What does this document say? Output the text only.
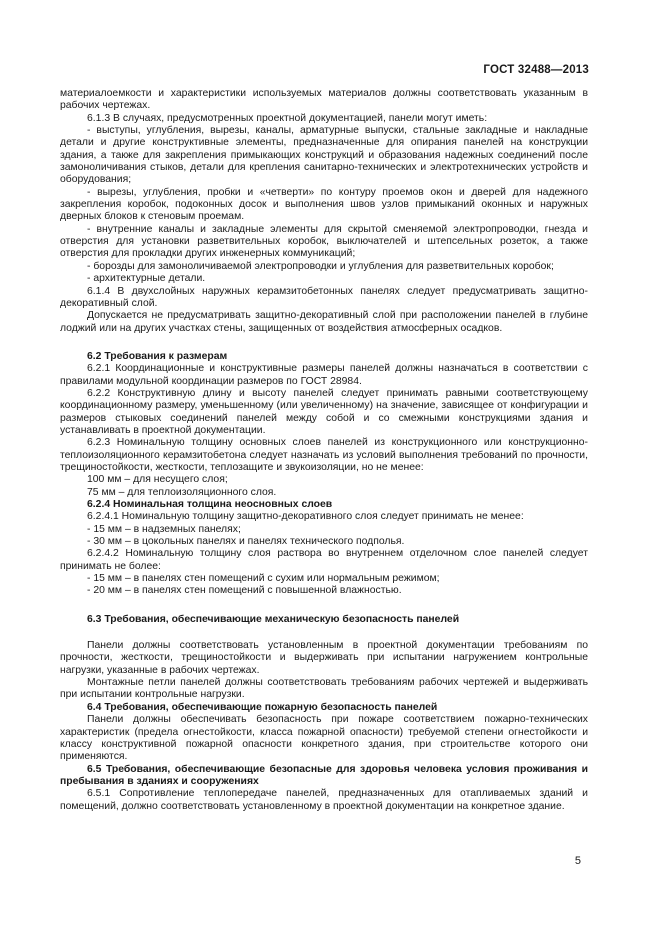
ГОСТ 32488—2013

материалоемкости и характеристики используемых материалов должны соответствовать указанным в рабочих чертежах.

6.1.3 В случаях, предусмотренных проектной документацией, панели могут иметь:

- выступы, углубления, вырезы, каналы, арматурные выпуски, стальные закладные и накладные детали и другие конструктивные элементы, предназначенные для опирания панелей на конструкции здания, а также для закрепления примыкающих конструкций и образования надежных соединений после замоноличивания стыков, детали для крепления санитарно-технических и электротехнических устройств и оборудования;

- вырезы, углубления, пробки и «четверти» по контуру проемов окон и дверей для надежного закрепления коробок, подоконных досок и выполнения швов узлов примыканий оконных и наружных дверных блоков к стеновым проемам.

- внутренние каналы и закладные элементы для скрытой сменяемой электропроводки, гнезда и отверстия для установки разветвительных коробок, выключателей и штепсельных розеток, а также отверстия для прокладки других инженерных коммуникаций;

- борозды для замоноличиваемой электропроводки и углубления для разветвительных коробок;

- архитектурные детали.

6.1.4 В двухслойных наружных керамзитобетонных панелях следует предусматривать защитно-декоративный слой.

Допускается не предусматривать защитно-декоративный слой при расположении панелей в глубине лоджий или на других участках стены, защищенных от воздействия атмосферных осадков.

6.2 Требования к размерам

6.2.1 Координационные и конструктивные размеры панелей должны назначаться в соответствии с правилами модульной координации размеров по ГОСТ 28984.

6.2.2 Конструктивную длину и высоту панелей следует принимать равными соответствующему координационному размеру, уменьшенному (или увеличенному) на значение, зависящее от конфигурации и размеров стыковых соединений панелей между собой и со смежными конструкциями здания и устанавливать в проектной документации.

6.2.3 Номинальную толщину основных слоев панелей из конструкционного или конструкционно-теплоизоляционного керамзитобетона следует назначать из условий выполнения требований по прочности, трещиностойкости, жесткости, теплозащите и звукоизоляции, но не менее:

100 мм – для несущего слоя;

75 мм – для теплоизоляционного слоя.

6.2.4 Номинальная толщина неосновных слоев

6.2.4.1 Номинальную толщину защитно-декоративного слоя следует принимать не менее:

- 15 мм – в надземных панелях;

- 30 мм – в цокольных панелях и панелях технического подполья.

6.2.4.2 Номинальную толщину слоя раствора во внутреннем отделочном слое панелей следует принимать не более:

- 15 мм – в панелях стен помещений с сухим или нормальным режимом;

- 20 мм – в панелях стен помещений с повышенной влажностью.

6.3 Требования, обеспечивающие механическую безопасность панелей

Панели должны соответствовать установленным в проектной документации требованиям по прочности, жесткости, трещиностойкости и выдерживать при испытании нагружением контрольные нагрузки, указанные в рабочих чертежах.

Монтажные петли панелей должны соответствовать требованиям рабочих чертежей и выдерживать при испытании контрольные нагрузки.

6.4 Требования, обеспечивающие пожарную безопасность панелей

Панели должны обеспечивать безопасность при пожаре соответствием пожарно-технических характеристик (предела огнестойкости, класса пожарной опасности) требуемой степени огнестойкости и классу конструктивной пожарной опасности конкретного здания, при строительстве которого они применяются.

6.5 Требования, обеспечивающие безопасные для здоровья человека условия проживания и пребывания в зданиях и сооружениях

6.5.1 Сопротивление теплопередаче панелей, предназначенных для отапливаемых зданий и помещений, должно соответствовать установленному в проектной документации на конкретное здание.

5
